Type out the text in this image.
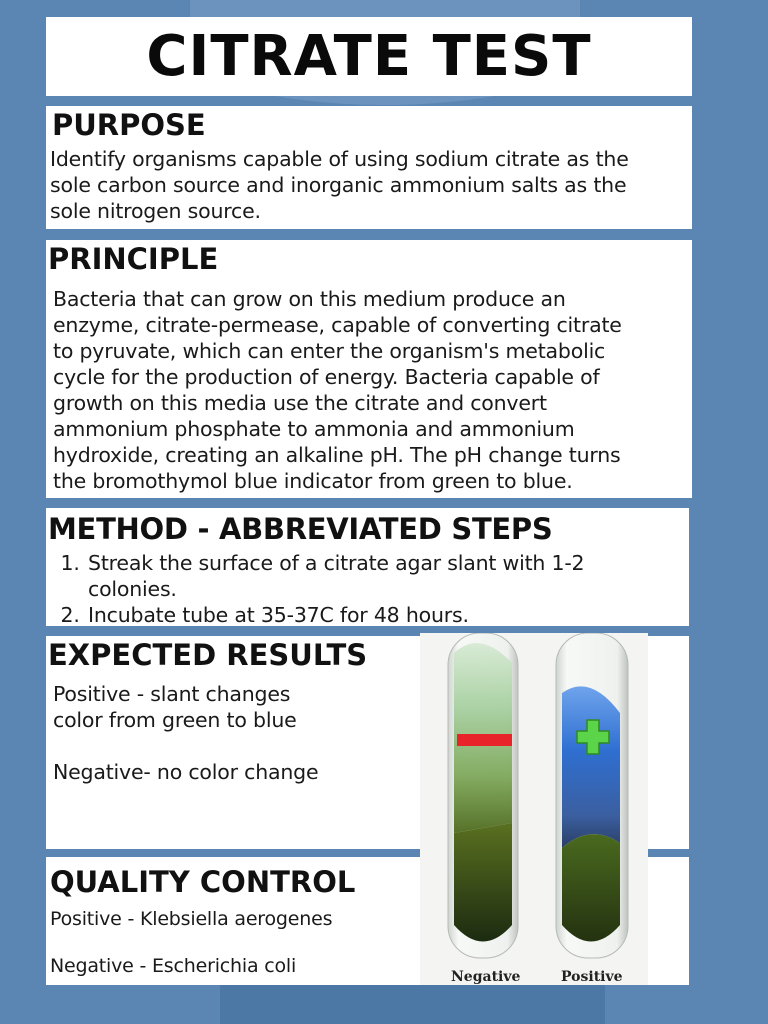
CITRATE TEST
PURPOSE

Identify organisms capable of using sodium citrate as the
sole carbon source and inorganic ammonium salts as the
sole nitrogen source.

PRINCIPLE

Bacteria that can grow on this medium produce an
enzyme, citrate-permease, capable of converting citrate
to pyruvate, which can enter the organism's metabolic
cycle for the production of energy. Bacteria capable of
growth on this media use the citrate and convert
ammonium phosphate to ammonia and ammonium
hydroxide, creating an alkaline pH. The pH change turns
the bromothymol blue indicator from green to blue.

METHOD - ABBREVIATED STEPS
1. Streak the surface of a citrate agar slant with 1-2 colonies.
2. Incubate tube at 35-37C for 48 hours.
EXPECTED RESULTS

Positive - slant changes
color from green to blue

Negative- no color change

QUALITY CONTROL

Positive - Klebsiella aerogenes

Negative - Escherichia coli	Negative	Positive
